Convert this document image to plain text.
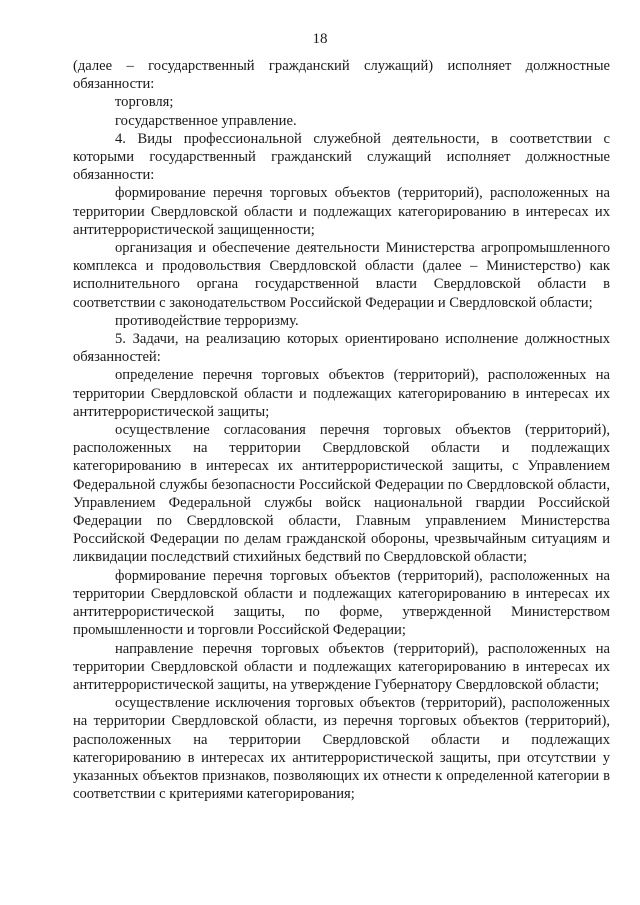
18

(далее – государственный гражданский служащий) исполняет должностные обязанности:

торговля;

государственное управление.

4. Виды профессиональной служебной деятельности, в соответствии с которыми государственный гражданский служащий исполняет должностные обязанности:

формирование перечня торговых объектов (территорий), расположенных на территории Свердловской области и подлежащих категорированию в интересах их антитеррористической защищенности;

организация и обеспечение деятельности Министерства агропромышленного комплекса и продовольствия Свердловской области (далее – Министерство) как исполнительного органа государственной власти Свердловской области в соответствии с законодательством Российской Федерации и Свердловской области;

противодействие терроризму.

5. Задачи, на реализацию которых ориентировано исполнение должностных обязанностей:

определение перечня торговых объектов (территорий), расположенных на территории Свердловской области и подлежащих категорированию в интересах их антитеррористической защиты;

осуществление согласования перечня торговых объектов (территорий), расположенных на территории Свердловской области и подлежащих категорированию в интересах их антитеррористической защиты, с Управлением Федеральной службы безопасности Российской Федерации по Свердловской области, Управлением Федеральной службы войск национальной гвардии Российской Федерации по Свердловской области, Главным управлением Министерства Российской Федерации по делам гражданской обороны, чрезвычайным ситуациям и ликвидации последствий стихийных бедствий по Свердловской области;

формирование перечня торговых объектов (территорий), расположенных на территории Свердловской области и подлежащих категорированию в интересах их антитеррористической защиты, по форме, утвержденной Министерством промышленности и торговли Российской Федерации;

направление перечня торговых объектов (территорий), расположенных на территории Свердловской области и подлежащих категорированию в интересах их антитеррористической защиты, на утверждение Губернатору Свердловской области;

осуществление исключения торговых объектов (территорий), расположенных на территории Свердловской области, из перечня торговых объектов (территорий), расположенных на территории Свердловской области и подлежащих категорированию в интересах их антитеррористической защиты, при отсутствии у указанных объектов признаков, позволяющих их отнести к определенной категории в соответствии с критериями категорирования;
